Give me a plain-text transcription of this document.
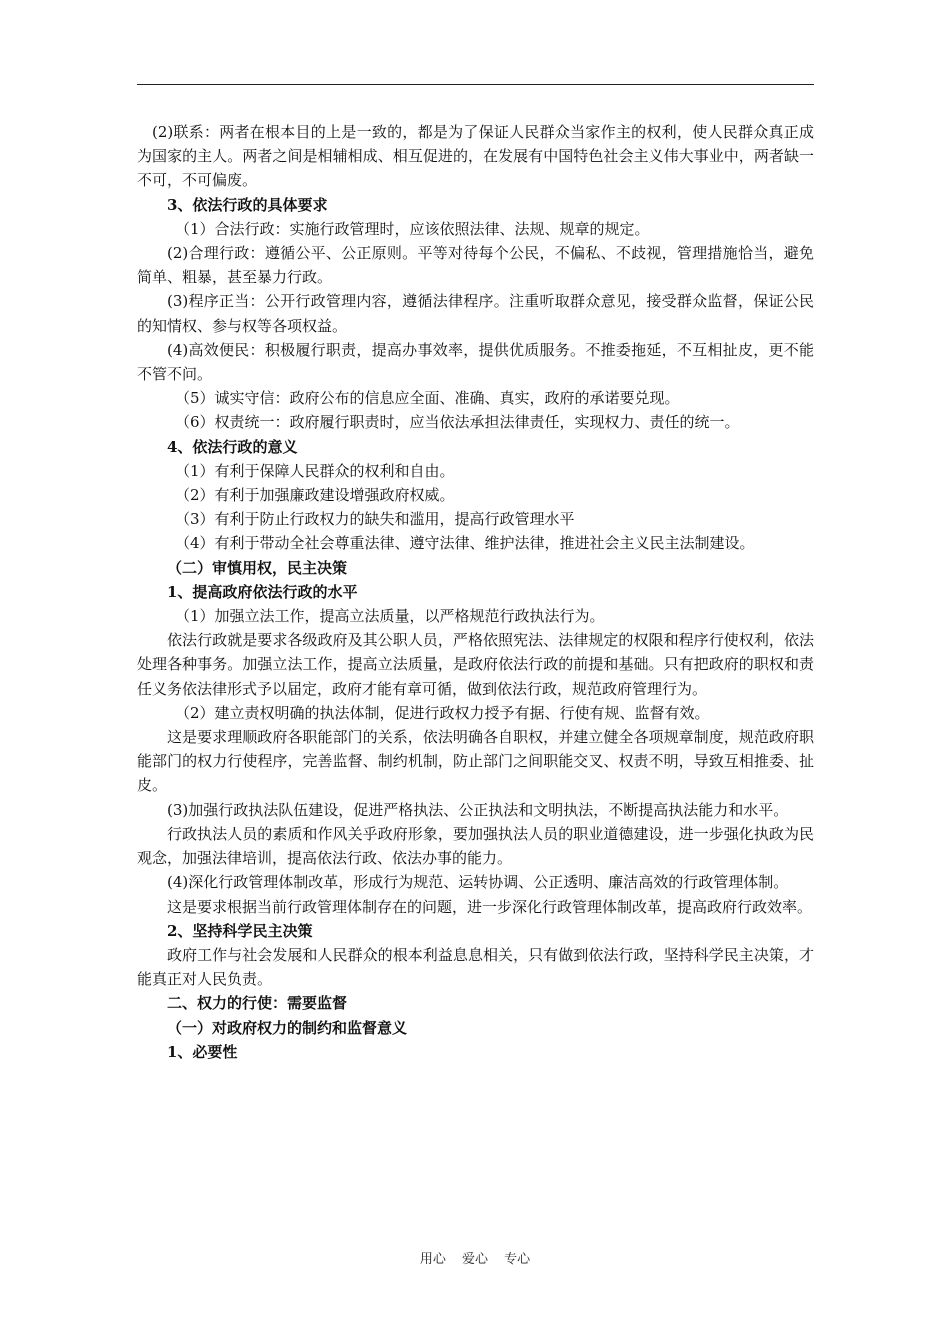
(2)联系：两者在根本目的上是一致的，都是为了保证人民群众当家作主的权利，使人民群众真正成为国家的主人。两者之间是相辅相成、相互促进的，在发展有中国特色社会主义伟大事业中，两者缺一不可，不可偏废。

3、依法行政的具体要求

（1）合法行政：实施行政管理时，应该依照法律、法规、规章的规定。

(2)合理行政：遵循公平、公正原则。平等对待每个公民，不偏私、不歧视，管理措施恰当，避免简单、粗暴，甚至暴力行政。

(3)程序正当：公开行政管理内容，遵循法律程序。注重听取群众意见，接受群众监督，保证公民的知情权、参与权等各项权益。

(4)高效便民：积极履行职责，提高办事效率，提供优质服务。不推委拖延，不互相扯皮，更不能不管不问。

（5）诚实守信：政府公布的信息应全面、准确、真实，政府的承诺要兑现。

（6）权责统一：政府履行职责时，应当依法承担法律责任，实现权力、责任的统一。

4、依法行政的意义

（1）有利于保障人民群众的权利和自由。

（2）有利于加强廉政建设增强政府权威。

（3）有利于防止行政权力的缺失和滥用，提高行政管理水平

（4）有利于带动全社会尊重法律、遵守法律、维护法律，推进社会主义民主法制建设。

（二）审慎用权，民主决策

1、提高政府依法行政的水平

（1）加强立法工作，提高立法质量，以严格规范行政执法行为。

依法行政就是要求各级政府及其公职人员，严格依照宪法、法律规定的权限和程序行使权利，依法处理各种事务。加强立法工作，提高立法质量，是政府依法行政的前提和基础。只有把政府的职权和责任义务依法律形式予以届定，政府才能有章可循，做到依法行政，规范政府管理行为。

（2）建立责权明确的执法体制，促进行政权力授予有据、行使有规、监督有效。

这是要求理顺政府各职能部门的关系，依法明确各自职权，并建立健全各项规章制度，规范政府职能部门的权力行使程序，完善监督、制约机制，防止部门之间职能交叉、权责不明，导致互相推委、扯皮。

(3)加强行政执法队伍建设，促进严格执法、公正执法和文明执法，不断提高执法能力和水平。

行政执法人员的素质和作风关乎政府形象，要加强执法人员的职业道德建设，进一步强化执政为民观念，加强法律培训，提高依法行政、依法办事的能力。

(4)深化行政管理体制改革，形成行为规范、运转协调、公正透明、廉洁高效的行政管理体制。

这是要求根据当前行政管理体制存在的问题，进一步深化行政管理体制改革，提高政府行政效率。

2、坚持科学民主决策

政府工作与社会发展和人民群众的根本利益息息相关，只有做到依法行政，坚持科学民主决策，才能真正对人民负责。

二、权力的行使：需要监督

（一）对政府权力的制约和监督意义

1、必要性

用心 爱心 专心
